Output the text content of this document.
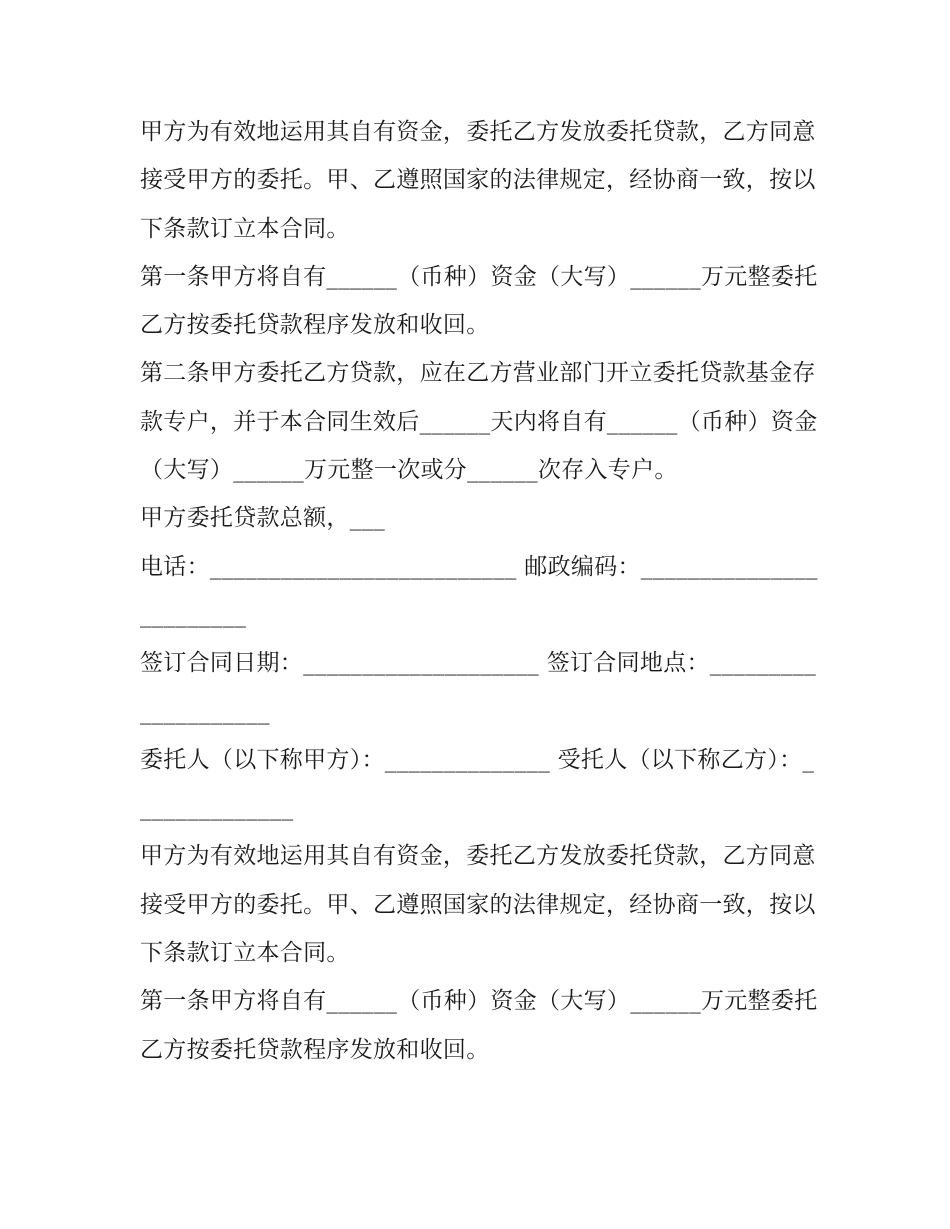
甲方为有效地运用其自有资金，委托乙方发放委托贷款，乙方同意接受甲方的委托。甲、乙遵照国家的法律规定，经协商一致，按以下条款订立本合同。

第一条甲方将自有______（币种）资金（大写）______万元整委托乙方按委托贷款程序发放和收回。

第二条甲方委托乙方贷款，应在乙方营业部门开立委托贷款基金存款专户，并于本合同生效后______天内将自有______（币种）资金（大写）______万元整一次或分______次存入专户。

甲方委托贷款总额，___

电话：__________________________ 邮政编码：________________________

签订合同日期：____________________ 签订合同地点：____________________

委托人（以下称甲方）：______________ 受托人（以下称乙方）：______________

甲方为有效地运用其自有资金，委托乙方发放委托贷款，乙方同意接受甲方的委托。甲、乙遵照国家的法律规定，经协商一致，按以下条款订立本合同。

第一条甲方将自有______（币种）资金（大写）______万元整委托乙方按委托贷款程序发放和收回。
